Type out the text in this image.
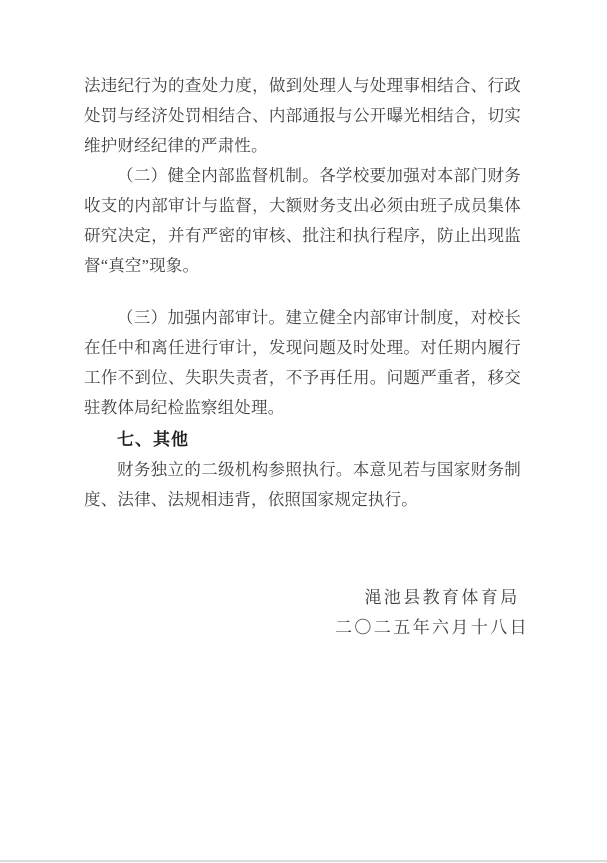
法违纪行为的查处力度，做到处理人与处理事相结合、行政处罚与经济处罚相结合、内部通报与公开曝光相结合，切实维护财经纪律的严肃性。

（二）健全内部监督机制。各学校要加强对本部门财务收支的内部审计与监督，大额财务支出必须由班子成员集体研究决定，并有严密的审核、批注和执行程序，防止出现监督“真空”现象。

（三）加强内部审计。建立健全内部审计制度，对校长在任中和离任进行审计，发现问题及时处理。对任期内履行工作不到位、失职失责者，不予再任用。问题严重者，移交驻教体局纪检监察组处理。

七、其他

财务独立的二级机构参照执行。本意见若与国家财务制度、法律、法规相违背，依照国家规定执行。

渑池县教育体育局
二〇二五年六月十八日
